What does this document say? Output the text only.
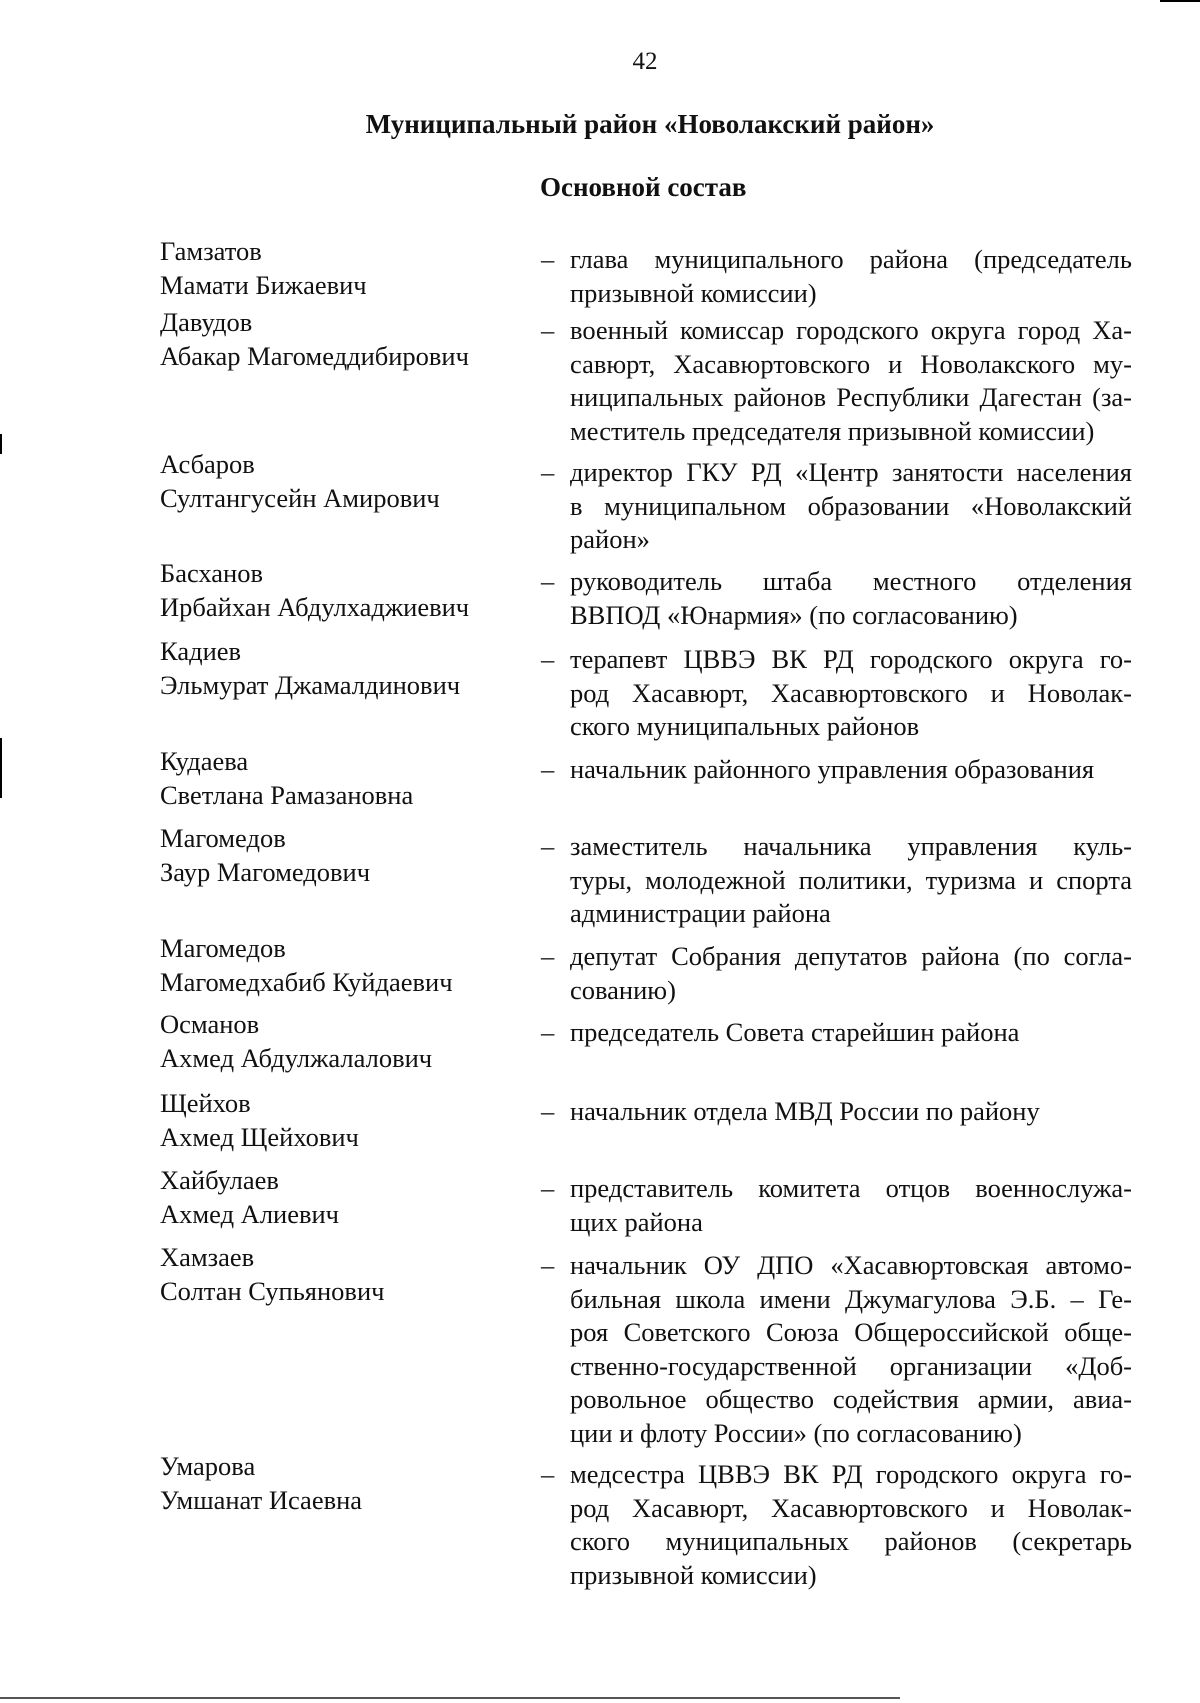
42
Муниципальный район «Новолакский район»
Основной состав
Гамзатов
Мамати Бижаевич
– глава муниципального района (председатель
призывной комиссии)
Давудов
Абакар Магомеддибирович
– военный комиссар городского округа город Ха-
савюрт, Хасавюртовского и Новолакского му-
ниципальных районов Республики Дагестан (за-
меститель председателя призывной комиссии)
Асбаров
Султангусейн Амирович
– директор ГКУ РД «Центр занятости населения
в муниципальном образовании «Новолакский
район»
Басханов
Ирбайхан Абдулхаджиевич
– руководитель штаба местного отделения
ВВПОД «Юнармия» (по согласованию)
Кадиев
Эльмурат Джамалдинович
– терапевт ЦВВЭ ВК РД городского округа го-
род Хасавюрт, Хасавюртовского и Новолак-
ского муниципальных районов
Кудаева
Светлана Рамазановна
– начальник районного управления образования
Магомедов
Заур Магомедович
– заместитель начальника управления куль-
туры, молодежной политики, туризма и спорта
администрации района
Магомедов
Магомедхабиб Куйдаевич
– депутат Собрания депутатов района (по согла-
сованию)
Османов
Ахмед Абдулжалалович
– председатель Совета старейшин района
Щейхов
Ахмед Щейхович
– начальник отдела МВД России по району
Хайбулаев
Ахмед Алиевич
– представитель комитета отцов военнослужа-
щих района
Хамзаев
Солтан Супьянович
– начальник ОУ ДПО «Хасавюртовская автомо-
бильная школа имени Джумагулова Э.Б. – Ге-
роя Советского Союза Общероссийской обще-
ственно-государственной организации «Доб-
ровольное общество содействия армии, авиа-
ции и флоту России» (по согласованию)
Умарова
Умшанат Исаевна
– медсестра ЦВВЭ ВК РД городского округа го-
род Хасавюрт, Хасавюртовского и Новолак-
ского муниципальных районов (секретарь
призывной комиссии)
